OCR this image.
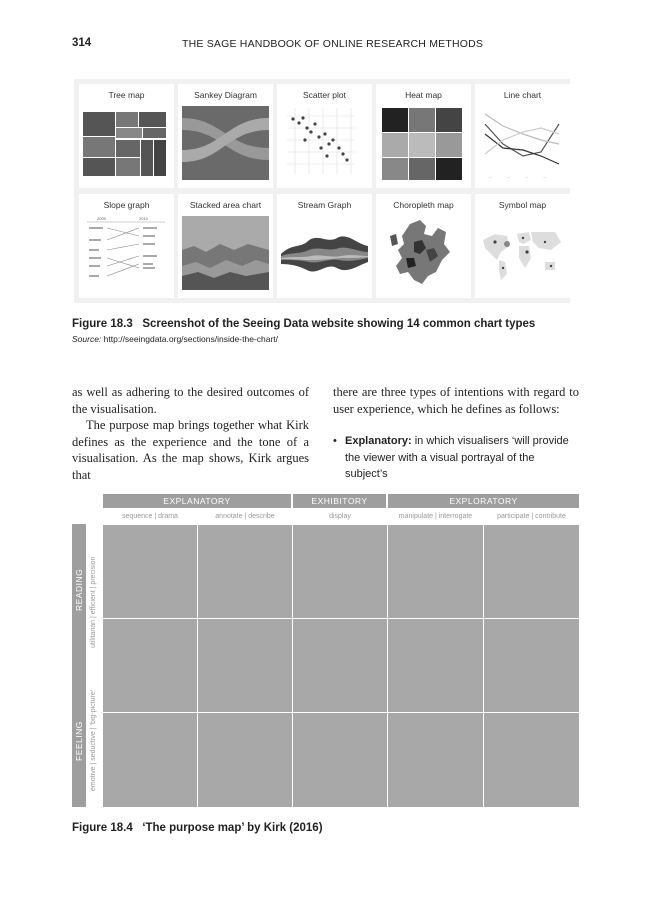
314	THE SAGE HANDBOOK OF ONLINE RESEARCH METHODS
Tree map	Sankey Diagram	Scatter plot	Heat map	Line chart
—	—	—	—
Slope graph
2009	2010
Stacked area chart	Stream Graph	Choropleth map	Symbol map
Figure 18.3 Screenshot of the Seeing Data website showing 14 common chart types
Source: http://seeingdata.org/sections/inside-the-chart/

as well as adhering to the desired outcomes of the visualisation.

The purpose map brings together what Kirk defines as the experience and the tone of a visualisation. As the map shows, Kirk argues that

there are three types of intentions with regard to user experience, which he defines as follows:

• Explanatory: in which visualisers ‘will provide the viewer with a visual portrayal of the subject’s
EXPLANATORY	EXHIBITORY	EXPLORATORY
sequence | drama	annotate | describe	display	manipulate | interrogate	participate | contribute
READING
FEELING
utilitarian | efficient | precision
emotive | seductive | ‘big-picture’
Figure 18.4 ‘The purpose map’ by Kirk (2016)
